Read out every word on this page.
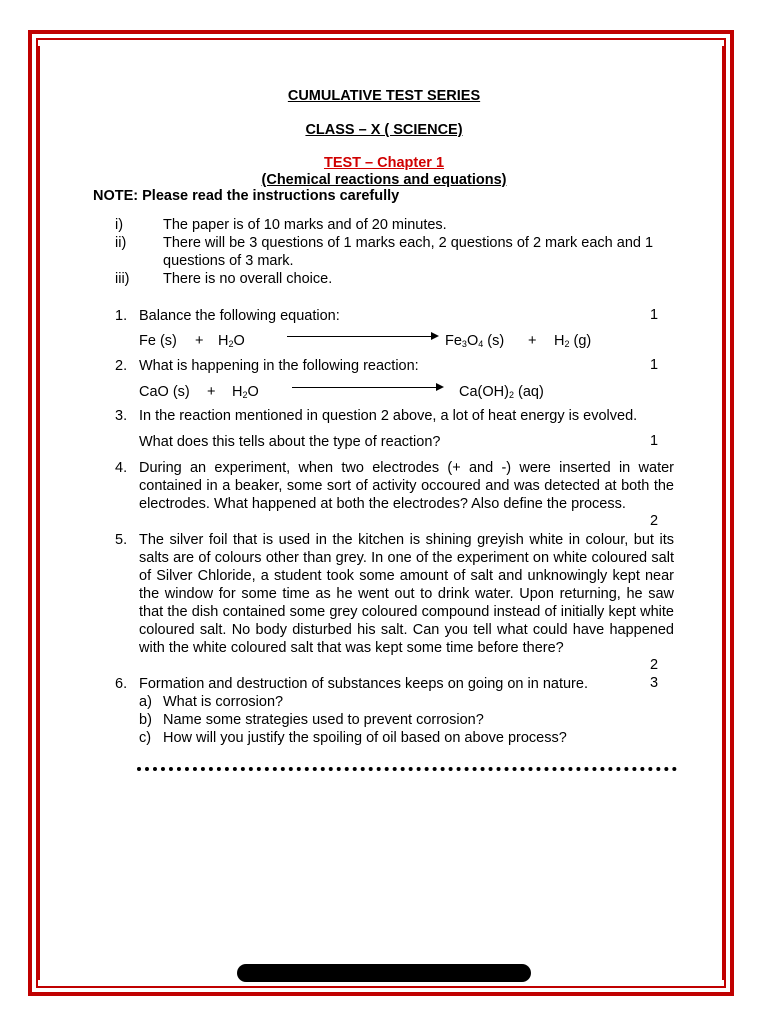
CUMULATIVE TEST SERIES
CLASS – X ( SCIENCE)
TEST – Chapter 1
(Chemical reactions and equations)
NOTE: Please read the instructions carefully
i)	The paper is of 10 marks and of 20 minutes.
ii)	There will be 3 questions of 1 marks each, 2 questions of 2 mark each and 1 questions of 3 mark.
iii) There is no overall choice.
1. Balance the following equation:	1
Fe $(s) + H_2O$	$Fe_3O_4$ $(s) + H_2$ (g)
2. What is happening in the following reaction:	1
CaO $(s) + H_2O$	$Ca(OH)_2$ (aq)
3. In the reaction mentioned in question 2 above, a lot of heat energy is evolved.
What does this tells about the type of reaction?	1
4. During an experiment, when two electrodes (+ and -) were inserted in water contained in a beaker, some sort of activity occoured and was detected at both the electrodes. What happened at both the electrodes? Also define the process.
2
5. The silver foil that is used in the kitchen is shining greyish white in colour, but its salts are of colours other than grey. In one of the experiment on white coloured salt of Silver Chloride, a student took some amount of salt and unknowingly kept near the window for some time as he went out to drink water. Upon returning, he saw that the dish contained some grey coloured compound instead of initially kept white coloured salt. No body disturbed his salt. Can you tell what could have happened with the white coloured salt that was kept some time before there?
2
6. Formation and destruction of substances keeps on going on in nature.	3
a) What is corrosion?
b) Name some strategies used to prevent corrosion?
c) How will you justify the spoiling of oil based on above process?
